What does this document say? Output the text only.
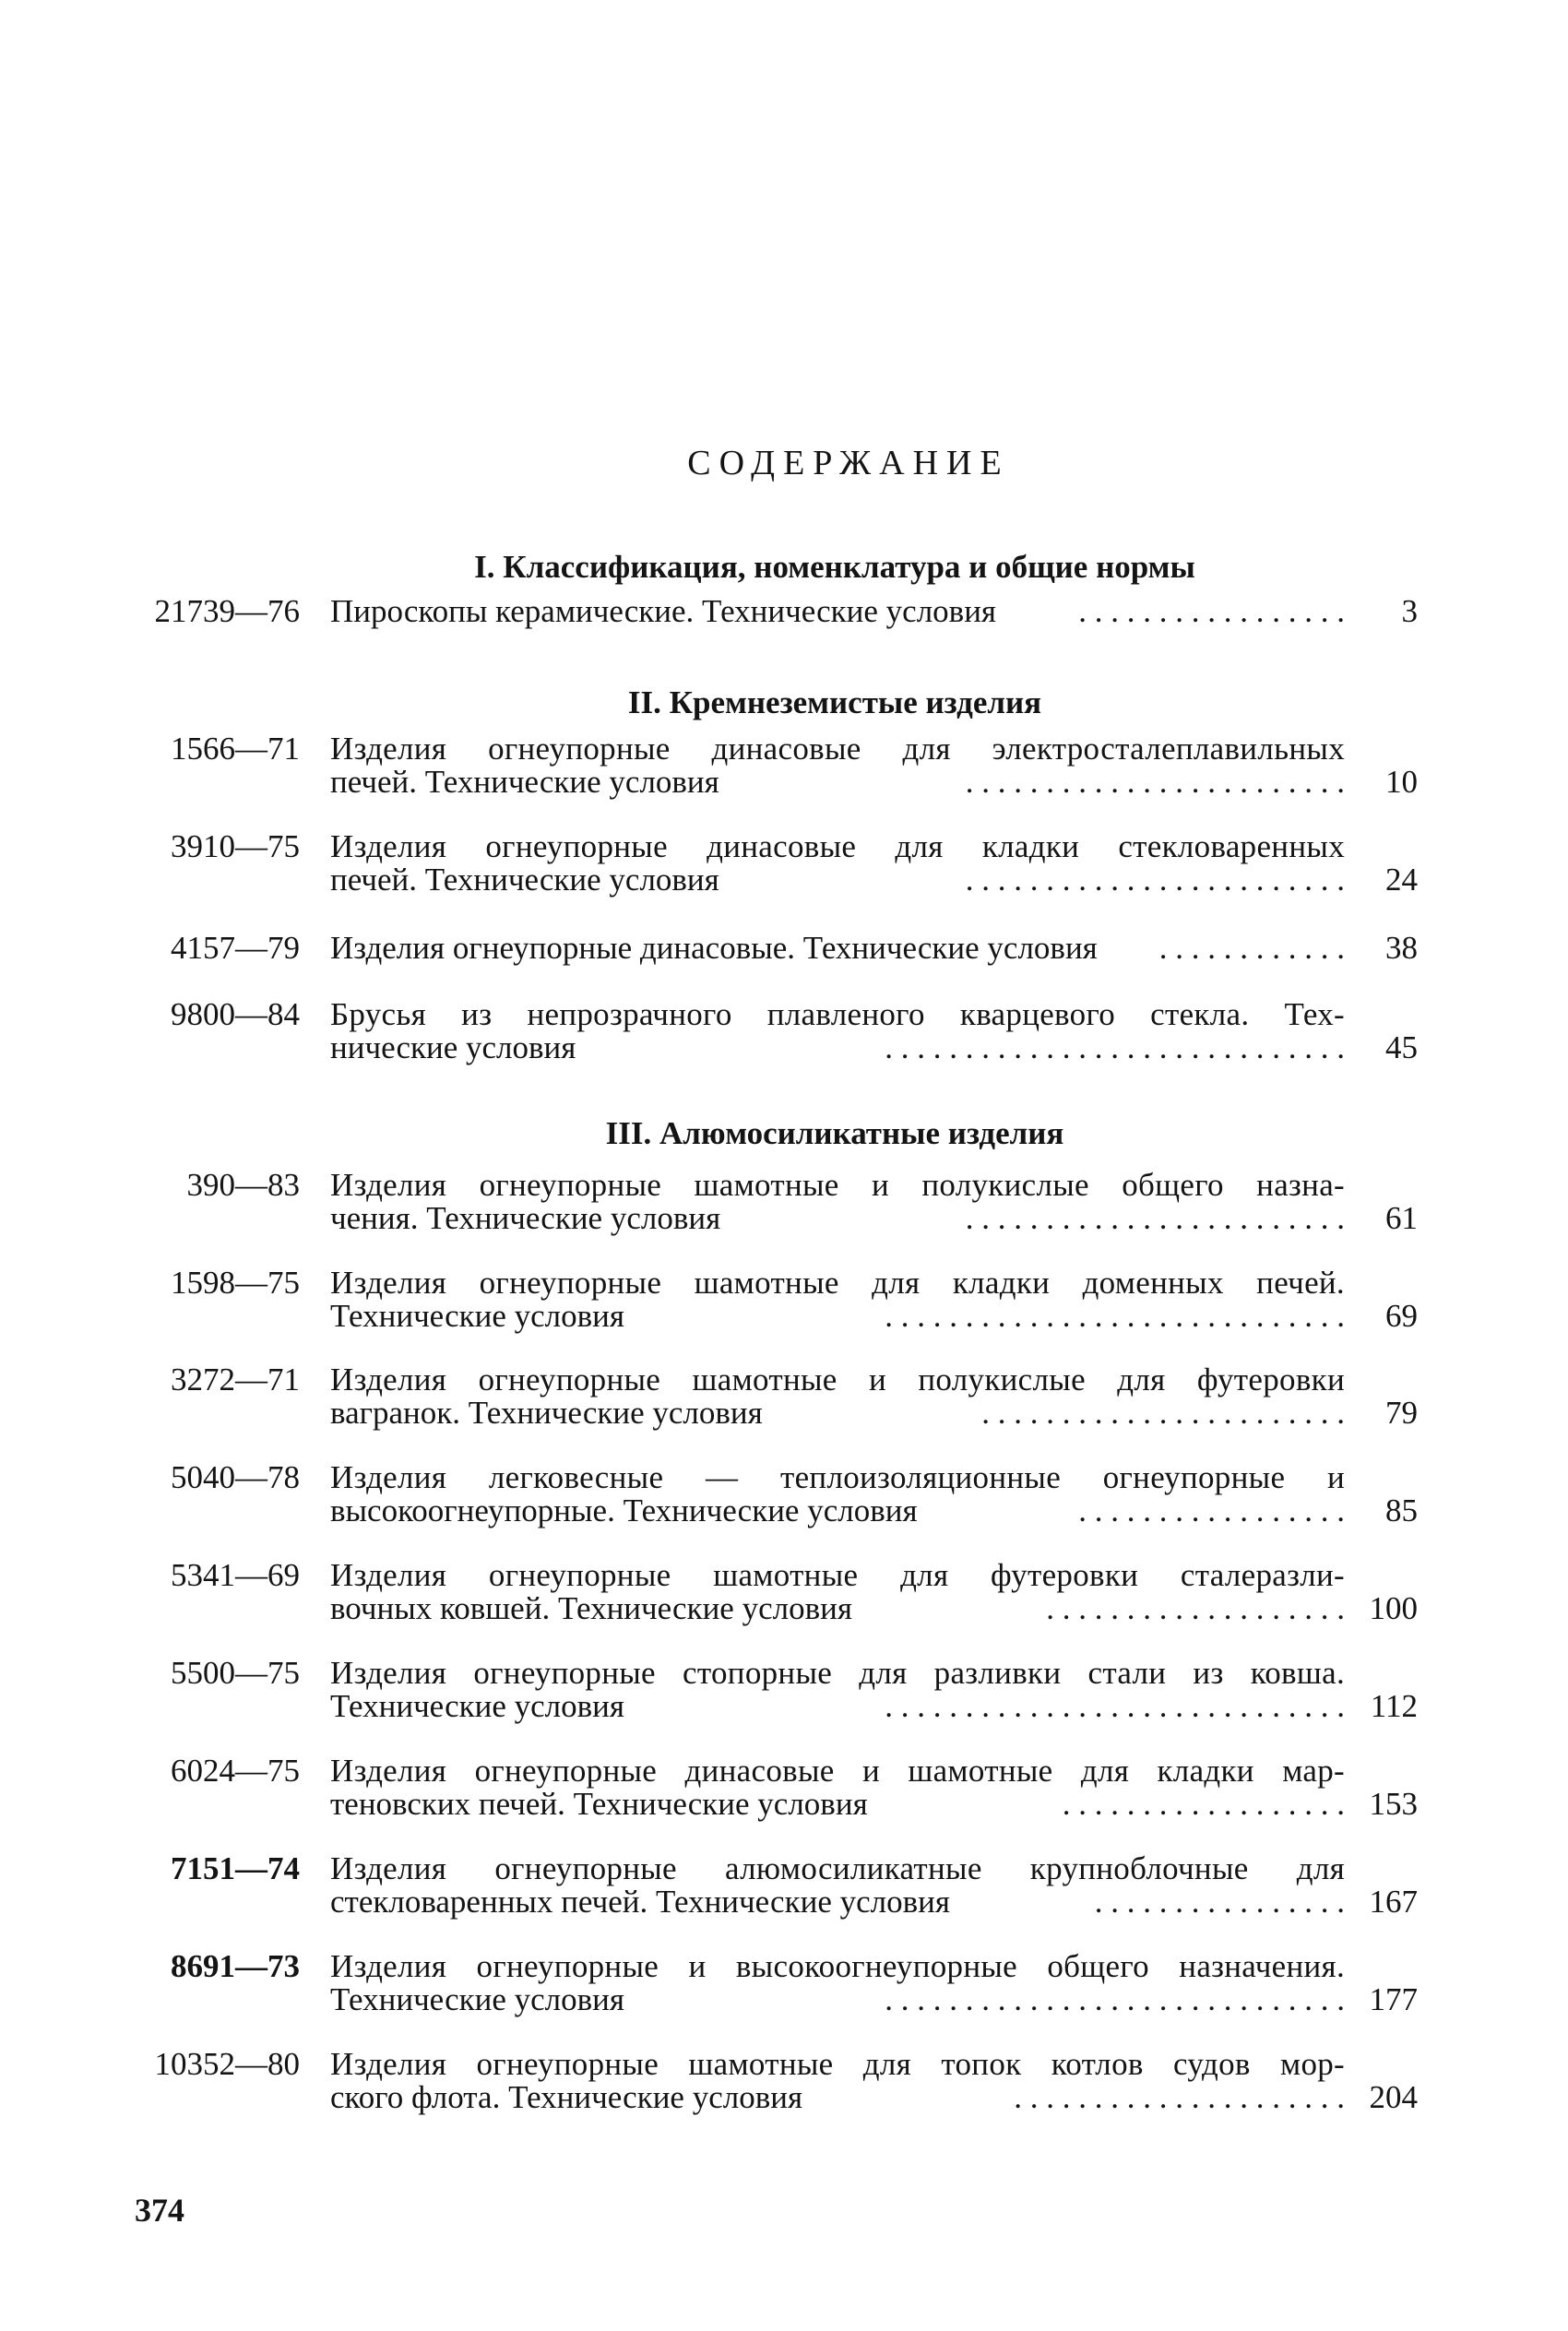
СОДЕРЖАНИЕ
I. Классификация, номенклатура и общие нормы
21739—76 Пироскопы керамические. Технические условия	. . . . . . . . . . . . . . . . .	3
II. Кремнеземистые изделия
1566—71 Изделия огнеупорные динасовые для электросталеплавильных
печей. Технические условия	. . . . . . . . . . . . . . . . . . . . . . . .	10
3910—75 Изделия огнеупорные динасовые для кладки стекловаренных
печей. Технические условия	. . . . . . . . . . . . . . . . . . . . . . . .	24
4157—79 Изделия огнеупорные динасовые. Технические условия	. . . . . . . . . . . .	38
9800—84 Брусья из непрозрачного плавленого кварцевого стекла. Тех-
нические условия	. . . . . . . . . . . . . . . . . . . . . . . . . . . . .	45
III. Алюмосиликатные изделия
390—83 Изделия огнеупорные шамотные и полукислые общего назна-
чения. Технические условия	. . . . . . . . . . . . . . . . . . . . . . . .	61
1598—75 Изделия огнеупорные шамотные для кладки доменных печей.
Технические условия	. . . . . . . . . . . . . . . . . . . . . . . . . . . . .	69
3272—71 Изделия огнеупорные шамотные и полукислые для футеровки
вагранок. Технические условия	. . . . . . . . . . . . . . . . . . . . . . .	79
5040—78 Изделия легковесные — теплоизоляционные огнеупорные и
высокоогнеупорные. Технические условия	. . . . . . . . . . . . . . . . .	85
5341—69 Изделия огнеупорные шамотные для футеровки сталеразли-
вочных ковшей. Технические условия	. . . . . . . . . . . . . . . . . . . 100
5500—75 Изделия огнеупорные стопорные для разливки стали из ковша.
Технические условия	. . . . . . . . . . . . . . . . . . . . . . . . . . . . . 112
6024—75 Изделия огнеупорные динасовые и шамотные для кладки мар-
теновских печей. Технические условия	. . . . . . . . . . . . . . . . . . 153
7151—74 Изделия огнеупорные алюмосиликатные крупноблочные для
стекловаренных печей. Технические условия	. . . . . . . . . . . . . . . . 167
8691—73 Изделия огнеупорные и высокоогнеупорные общего назначения.
Технические условия	. . . . . . . . . . . . . . . . . . . . . . . . . . . . . 177
10352—80 Изделия огнеупорные шамотные для топок котлов судов мор-
ского флота. Технические условия	. . . . . . . . . . . . . . . . . . . . . 204
374
